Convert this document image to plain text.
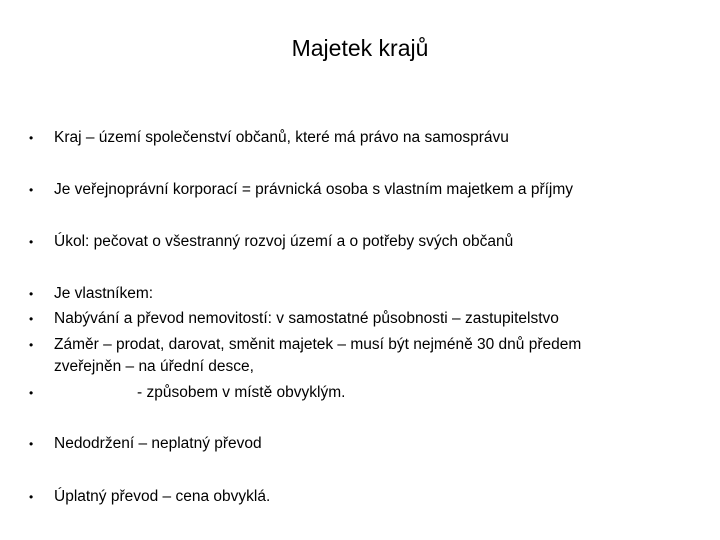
Majetek krajů
• Kraj – území společenství občanů, které má právo na samosprávu
• Je veřejnoprávní korporací = právnická osoba s vlastním majetkem a příjmy
• Úkol: pečovat o všestranný rozvoj území a o potřeby svých občanů
• Je vlastníkem:
• Nabývání a převod nemovitostí: v samostatné působnosti – zastupitelstvo
• Záměr – prodat, darovat, směnit majetek – musí být nejméně 30 dnů předem
zveřejněn – na úřední desce,
•	- způsobem v místě obvyklým.
• Nedodržení – neplatný převod
• Úplatný převod – cena obvyklá.
